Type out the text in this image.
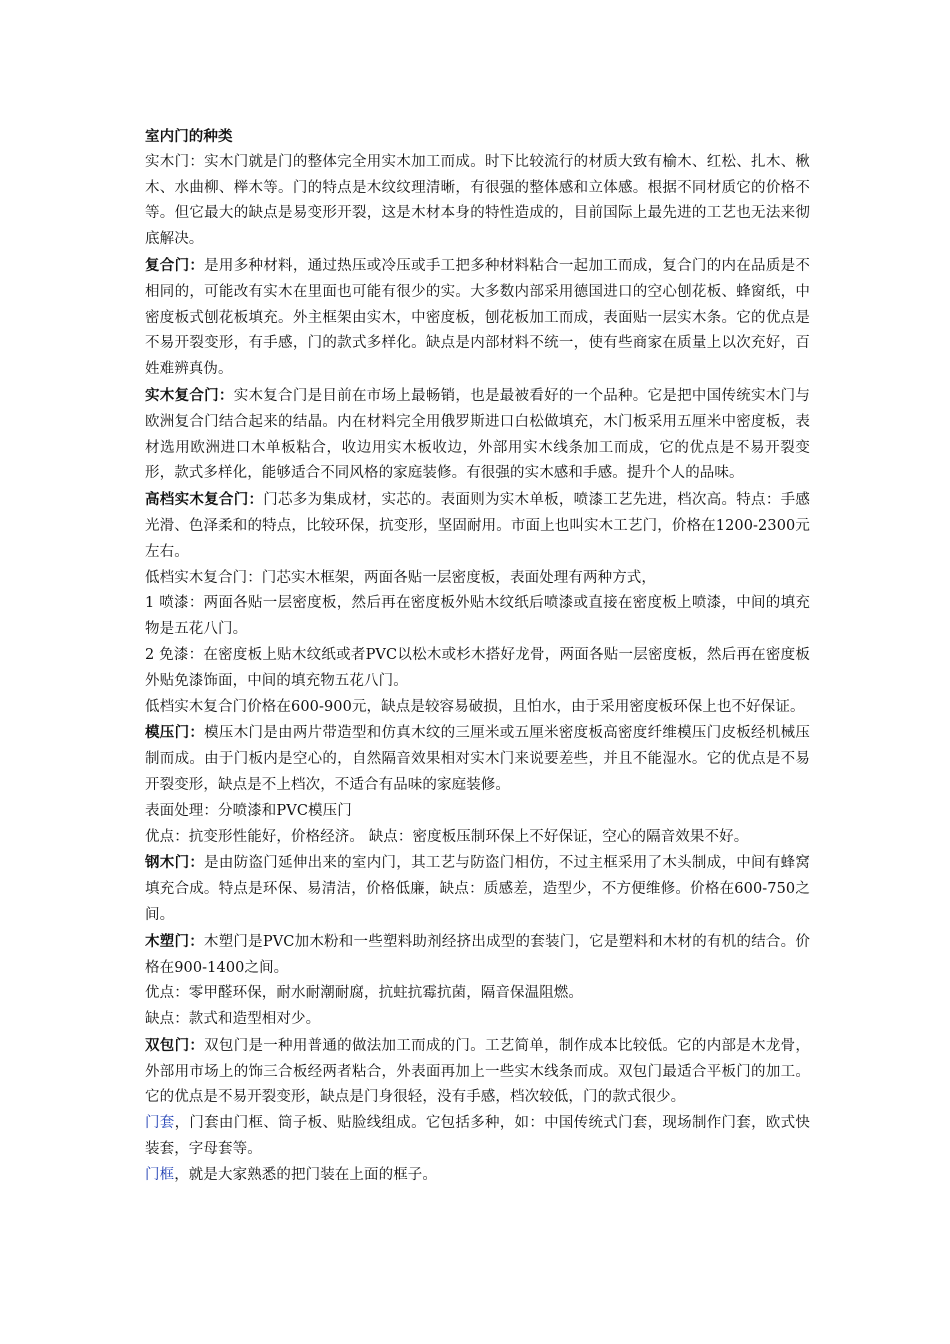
室内门的种类

实木门：实木门就是门的整体完全用实木加工而成。时下比较流行的材质大致有榆木、红松、扎木、楸木、水曲柳、榉木等。门的特点是木纹纹理清晰，有很强的整体感和立体感。根据不同材质它的价格不等。但它最大的缺点是易变形开裂，这是木材本身的特性造成的，目前国际上最先进的工艺也无法来彻底解决。

复合门：是用多种材料，通过热压或冷压或手工把多种材料粘合一起加工而成，复合门的内在品质是不相同的，可能改有实木在里面也可能有很少的实。大多数内部采用德国进口的空心刨花板、蜂窗纸，中密度板式刨花板填充。外主框架由实木，中密度板，刨花板加工而成，表面贴一层实木条。它的优点是不易开裂变形，有手感，门的款式多样化。缺点是内部材料不统一，使有些商家在质量上以次充好，百姓难辨真伪。

实木复合门：实木复合门是目前在市场上最畅销，也是最被看好的一个品种。它是把中国传统实木门与欧洲复合门结合起来的结晶。内在材料完全用俄罗斯进口白松做填充，木门板采用五厘米中密度板，表材选用欧洲进口木单板粘合，收边用实木板收边，外部用实木线条加工而成，它的优点是不易开裂变形，款式多样化，能够适合不同风格的家庭装修。有很强的实木感和手感。提升个人的品味。

高档实木复合门：门芯多为集成材，实芯的。表面则为实木单板，喷漆工艺先进，档次高。特点：手感光滑、色泽柔和的特点，比较环保，抗变形，坚固耐用。市面上也叫实木工艺门，价格在1200-2300元左右。

低档实木复合门：门芯实木框架，两面各贴一层密度板，表面处理有两种方式，

1 喷漆：两面各贴一层密度板，然后再在密度板外贴木纹纸后喷漆或直接在密度板上喷漆，中间的填充物是五花八门。

2 免漆：在密度板上贴木纹纸或者PVC以松木或杉木搭好龙骨，两面各贴一层密度板，然后再在密度板外贴免漆饰面，中间的填充物五花八门。

低档实木复合门价格在600-900元，缺点是较容易破损，且怕水，由于采用密度板环保上也不好保证。

模压门：模压木门是由两片带造型和仿真木纹的三厘米或五厘米密度板高密度纤维模压门皮板经机械压制而成。由于门板内是空心的，自然隔音效果相对实木门来说要差些，并且不能湿水。它的优点是不易开裂变形，缺点是不上档次，不适合有品味的家庭装修。

表面处理：分喷漆和PVC模压门

优点：抗变形性能好，价格经济。 缺点：密度板压制环保上不好保证，空心的隔音效果不好。

钢木门：是由防盗门延伸出来的室内门，其工艺与防盗门相仿，不过主框采用了木头制成，中间有蜂窝填充合成。特点是环保、易清洁，价格低廉，缺点：质感差，造型少，不方便维修。价格在600-750之间。

木塑门：木塑门是PVC加木粉和一些塑料助剂经挤出成型的套装门，它是塑料和木材的有机的结合。价格在900-1400之间。

优点：零甲醛环保，耐水耐潮耐腐，抗蛀抗霉抗菌，隔音保温阻燃。

缺点：款式和造型相对少。

双包门：双包门是一种用普通的做法加工而成的门。工艺简单，制作成本比较低。它的内部是木龙骨，外部用市场上的饰三合板经两者粘合，外表面再加上一些实木线条而成。双包门最适合平板门的加工。它的优点是不易开裂变形，缺点是门身很轻，没有手感，档次较低，门的款式很少。

门套，门套由门框、筒子板、贴脸线组成。它包括多种，如：中国传统式门套，现场制作门套，欧式快装套，字母套等。

门框，就是大家熟悉的把门装在上面的框子。
